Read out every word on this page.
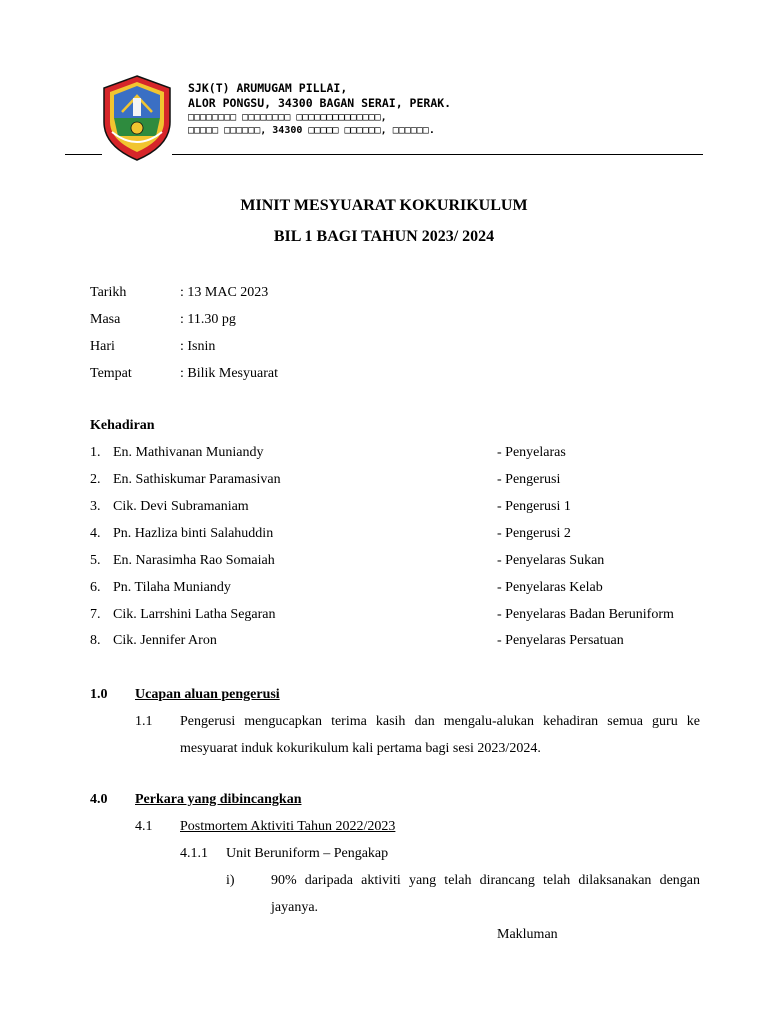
SJK(T) ARUMUGAM PILLAI,
ALOR PONGSU, 34300 BAGAN SERAI, PERAK.
□□□□□□□□ □□□□□□□□ □□□□□□□□□□□□□□,
□□□□□ □□□□□□, 34300 □□□□□ □□□□□□, □□□□□□.
MINIT MESYUARAT KOKURIKULUM
BIL 1 BAGI TAHUN 2023/ 2024
Tarikh	: 13 MAC 2023
Masa	: 11.30 pg
Hari	: Isnin
Tempat	: Bilik Mesyuarat
Kehadiran
1. En. Mathivanan Muniandy	- Penyelaras
2. En. Sathiskumar Paramasivan	- Pengerusi
3. Cik. Devi Subramaniam	- Pengerusi 1
4. Pn. Hazliza binti Salahuddin	- Pengerusi 2
5. En. Narasimha Rao Somaiah	- Penyelaras Sukan
6. Pn. Tilaha Muniandy	- Penyelaras Kelab
7. Cik. Larrshini Latha Segaran	- Penyelaras Badan Beruniform
8. Cik. Jennifer Aron	- Penyelaras Persatuan
1.0 Ucapan aluan pengerusi
1.1 Pengerusi mengucapkan terima kasih dan mengalu-alukan kehadiran semua guru ke mesyuarat induk kokurikulum kali pertama bagi sesi 2023/2024.
4.0 Perkara yang dibincangkan
4.1 Postmortem Aktiviti Tahun 2022/2023
4.1.1 Unit Beruniform – Pengakap
i)	90% daripada aktiviti yang telah dirancang telah dilaksanakan dengan jayanya.
Makluman
